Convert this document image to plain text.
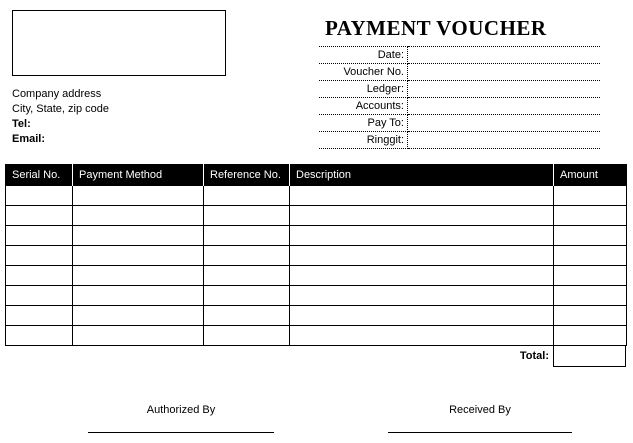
Company address
City, State, zip code
Tel:
Email:
PAYMENT VOUCHER
Date:	
Voucher No.	
Ledger:	
Accounts:	
Pay To:	
Ringgit:	
Serial No.	Payment Method	Reference No.	Description	Amount

Total:
Authorized By	Received By
